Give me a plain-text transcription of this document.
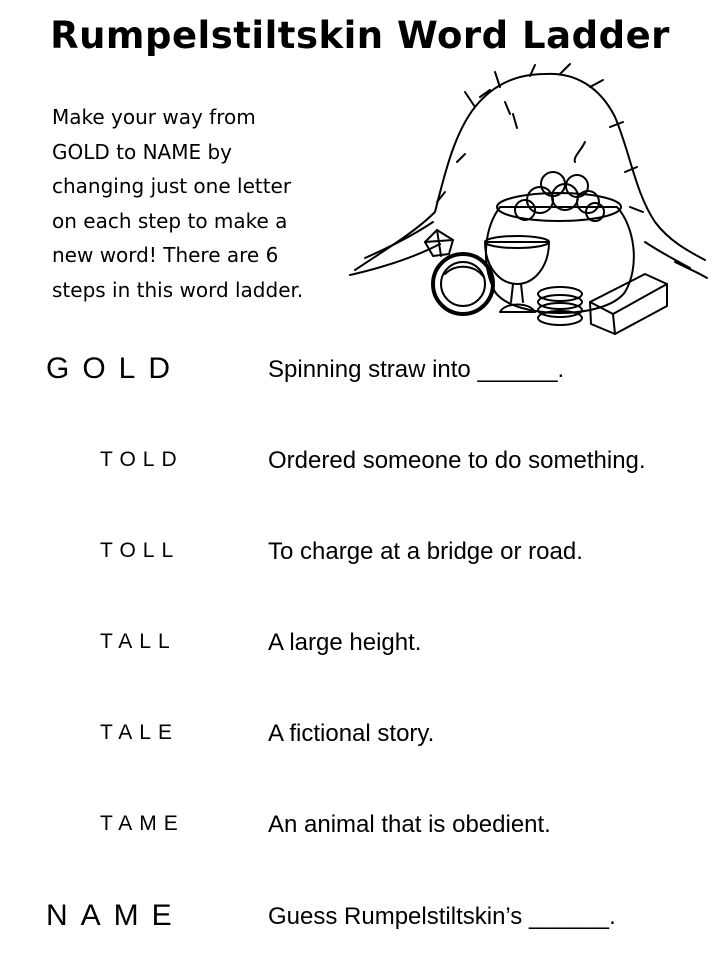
Rumpelstiltskin Word Ladder
Make your way from
GOLD to NAME by
changing just one letter
on each step to make a
new word! There are 6
steps in this word ladder.
GOLD	Spinning straw into ______.
TOLD	Ordered someone to do something.
TOLL	To charge at a bridge or road.
TALL	A large height.
TALE	A fictional story.
TAME	An animal that is obedient.
NAME	Guess Rumpelstiltskin’s ______.
